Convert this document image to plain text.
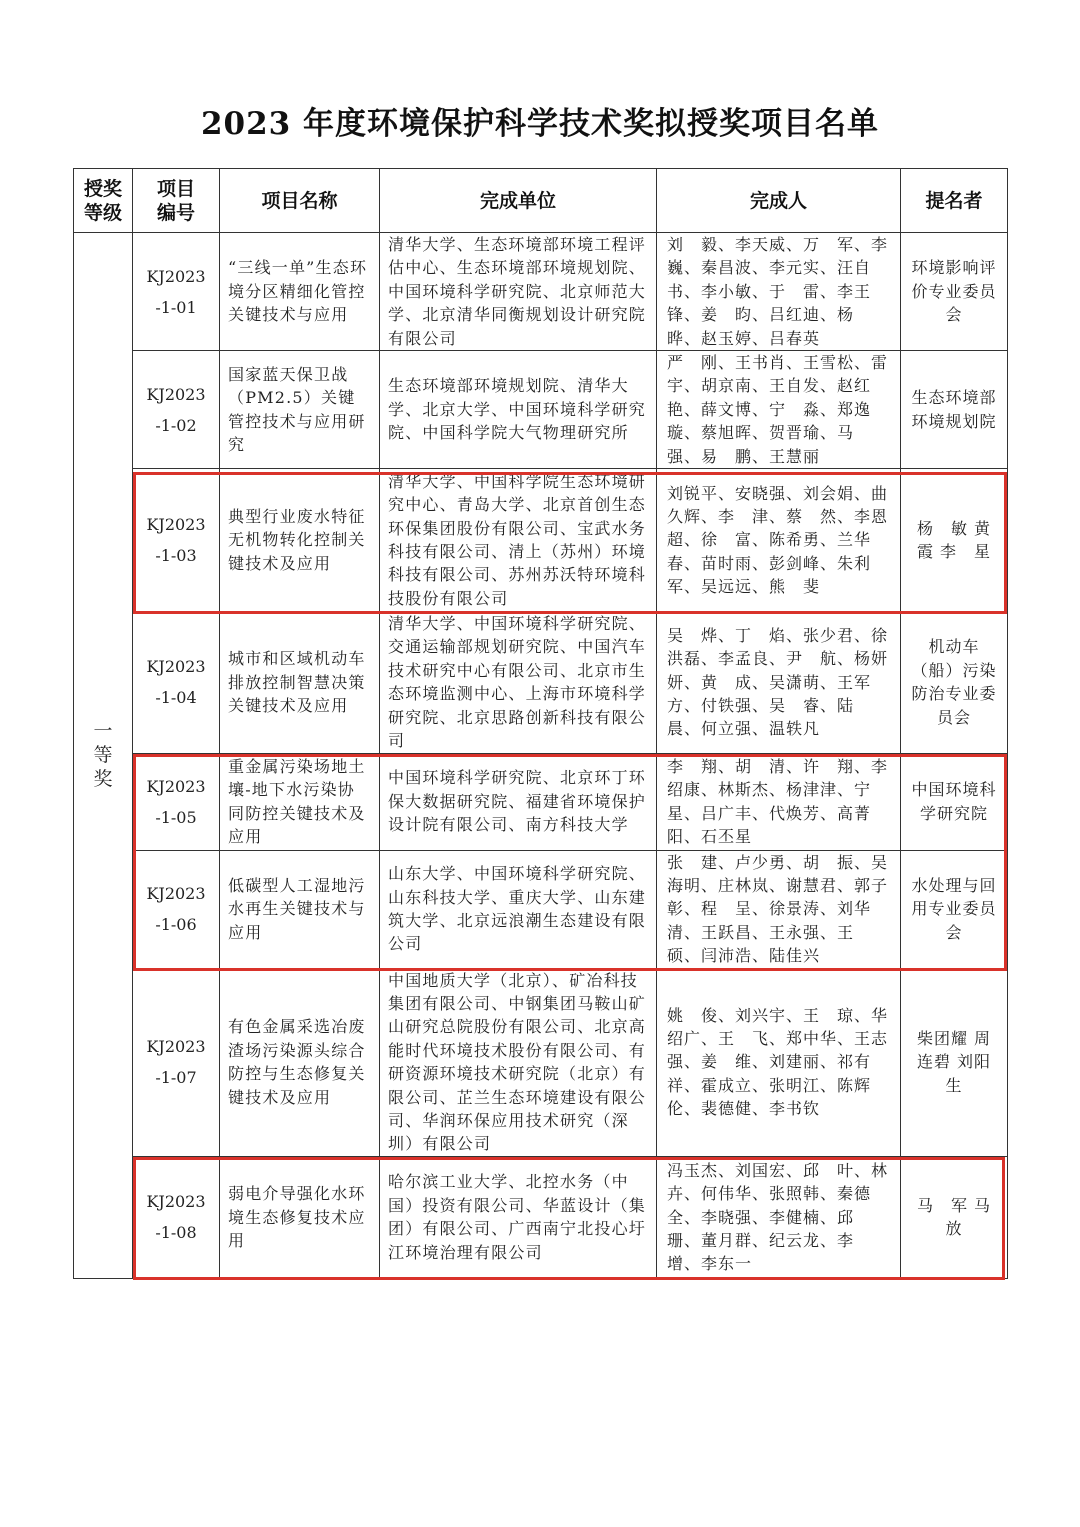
2023 年度环境保护科学技术奖拟授奖项目名单
授奖等级	项目编号	项目名称	完成单位	完成人	提名者
一等奖	KJ2023-1-01	“三线一单”生态环境分区精细化管控关键技术与应用	清华大学、生态环境部环境工程评估中心、生态环境部环境规划院、中国环境科学研究院、北京师范大学、北京清华同衡规划设计研究院有限公司	刘　毅、李天威、万　军、李　巍、秦昌波、李元实、汪自书、李小敏、于　雷、李王锋、姜　昀、吕红迪、杨　晔、赵玉婷、吕春英	环境影响评价专业委员会

	KJ2023-1-02	国家蓝天保卫战（PM2.5）关键管控技术与应用研究	生态环境部环境规划院、清华大学、北京大学、中国环境科学研究院、中国科学院大气物理研究所	严　刚、王书肖、王雪松、雷　宇、胡京南、王自发、赵红艳、薛文博、宁　淼、郑逸璇、蔡旭晖、贺晋瑜、马　强、易　鹏、王慧丽	生态环境部环境规划院

	KJ2023-1-03	典型行业废水特征无机物转化控制关键技术及应用	清华大学、中国科学院生态环境研究中心、青岛大学、北京首创生态环保集团股份有限公司、宝武水务科技有限公司、清上（苏州）环境科技有限公司、苏州苏沃特环境科技股份有限公司	刘锐平、安晓强、刘会娟、曲久辉、李　津、蔡　然、李恩超、徐　富、陈希勇、兰华春、苗时雨、彭剑峰、朱利军、吴远远、熊　斐	杨　敏 黄　霞 李　星

	KJ2023-1-04	城市和区域机动车排放控制智慧决策关键技术及应用	清华大学、中国环境科学研究院、交通运输部规划研究院、中国汽车技术研究中心有限公司、北京市生态环境监测中心、上海市环境科学研究院、北京思路创新科技有限公司	吴　烨、丁　焰、张少君、徐洪磊、李孟良、尹　航、杨妍妍、黄　成、吴潇萌、王军方、付铁强、吴　睿、陆　晨、何立强、温轶凡	机动车（船）污染防治专业委员会

	KJ2023-1-05	重金属污染场地土壤-地下水污染协同防控关键技术及应用	中国环境科学研究院、北京环丁环保大数据研究院、福建省环境保护设计院有限公司、南方科技大学	李　翔、胡　清、许　翔、李绍康、林斯杰、杨津津、宁　星、吕广丰、代焕芳、高菁阳、石丕星	中国环境科学研究院

	KJ2023-1-06	低碳型人工湿地污水再生关键技术与应用	山东大学、中国环境科学研究院、山东科技大学、重庆大学、山东建筑大学、北京远浪潮生态建设有限公司	张　建、卢少勇、胡　振、吴海明、庄林岚、谢慧君、郭子彰、程　呈、徐景涛、刘华清、王跃昌、王永强、王　硕、闫沛浩、陆佳兴	水处理与回用专业委员会

	KJ2023-1-07	有色金属采选冶废渣场污染源头综合防控与生态修复关键技术及应用	中国地质大学（北京）、矿冶科技集团有限公司、中钢集团马鞍山矿山研究总院股份有限公司、北京高能时代环境技术股份有限公司、有研资源环境技术研究院（北京）有限公司、芷兰生态环境建设有限公司、华润环保应用技术研究（深圳）有限公司	姚　俊、刘兴宇、王　琼、华绍广、王　飞、郑中华、王志强、姜　维、刘建丽、祁有祥、霍成立、张明江、陈辉伦、裴德健、李书钦	柴团耀 周连碧 刘阳生

	KJ2023-1-08	弱电介导强化水环境生态修复技术应用	哈尔滨工业大学、北控水务（中国）投资有限公司、华蓝设计（集团）有限公司、广西南宁北投心圩江环境治理有限公司	冯玉杰、刘国宏、邱　叶、林　卉、何伟华、张照韩、秦德全、李晓强、李健楠、邱　珊、董月群、纪云龙、李　增、李东一	马　军 马　放
